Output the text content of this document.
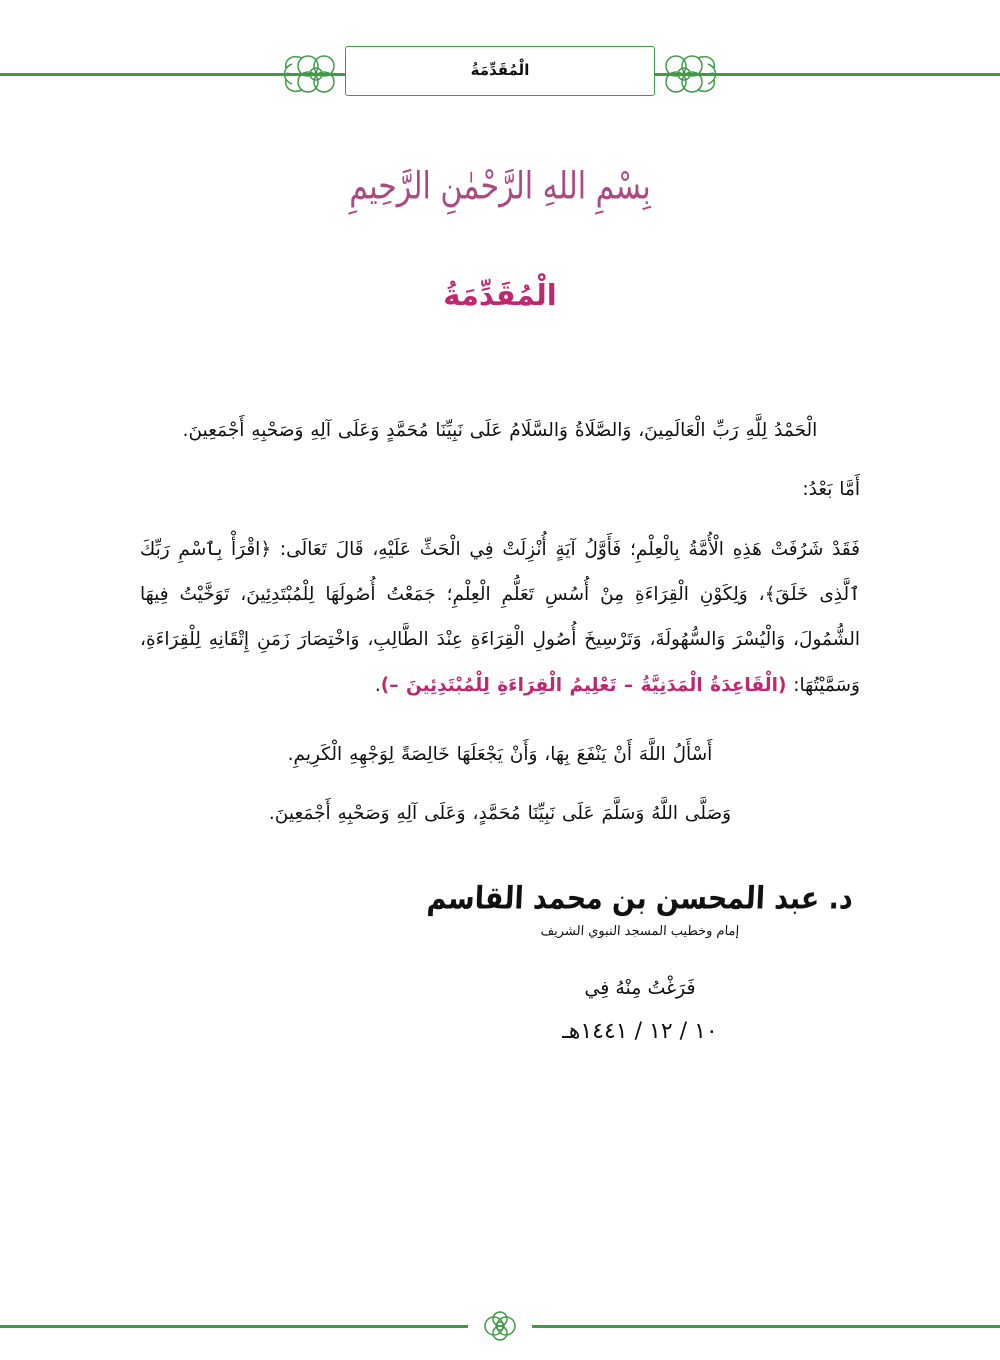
الْمُقَدِّمَةُ
بِسْمِ اللهِ الرَّحْمٰنِ الرَّحِيمِ
الْمُقَدِّمَةُ

الْحَمْدُ لِلَّهِ رَبِّ الْعَالَمِينَ، وَالصَّلَاةُ وَالسَّلَامُ عَلَى نَبِيِّنَا مُحَمَّدٍ وَعَلَى آلِهِ وَصَحْبِهِ أَجْمَعِينَ.

أَمَّا بَعْدُ:

فَقَدْ شَرُفَتْ هَذِهِ الْأُمَّةُ بِالْعِلْمِ؛ فَأَوَّلُ آيَةٍ أُنْزِلَتْ فِي الْحَثِّ عَلَيْهِ، قَالَ تَعَالَى: ﴿اقْرَأْ بِٱسْمِ رَبِّكَ ٱلَّذِى خَلَقَ﴾، وَلِكَوْنِ الْقِرَاءَةِ مِنْ أُسُسِ تَعَلُّمِ الْعِلْمِ؛ جَمَعْتُ أُصُولَهَا لِلْمُبْتَدِئِينَ، تَوَخَّيْتُ فِيهَا الشُّمُولَ، وَالْيُسْرَ وَالسُّهُولَةَ، وَتَرْسِيخَ أُصُولِ الْقِرَاءَةِ عِنْدَ الطَّالِبِ، وَاخْتِصَارَ زَمَنِ إِتْقَانِهِ لِلْقِرَاءَةِ، وَسَمَّيْتُهَا: (الْقَاعِدَةُ الْمَدَنِيَّةُ – تَعْلِيمُ الْقِرَاءَةِ لِلْمُبْتَدِئِينَ –).

أَسْأَلُ اللَّهَ أَنْ يَنْفَعَ بِهَا، وَأَنْ يَجْعَلَهَا خَالِصَةً لِوَجْهِهِ الْكَرِيمِ.

وَصَلَّى اللَّهُ وَسَلَّمَ عَلَى نَبِيِّنَا مُحَمَّدٍ، وَعَلَى آلِهِ وَصَحْبِهِ أَجْمَعِينَ.

د. عبد المحسن بن محمد القاسم
إمام وخطيب المسجد النبوي الشريف
فَرَغْتُ مِنْهُ فِي
١٠ / ١٢ / ١٤٤١هـ
